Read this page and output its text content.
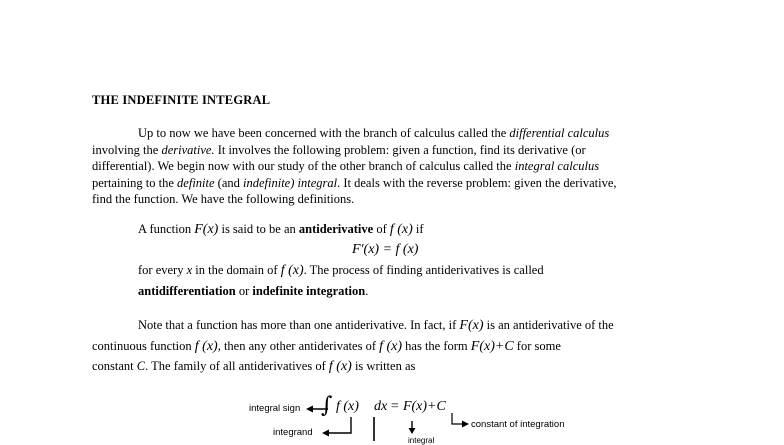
THE INDEFINITE INTEGRAL
Up to now we have been concerned with the branch of calculus called the differential calculus
involving the derivative. It involves the following problem: given a function, find its derivative (or
differential). We begin now with our study of the other branch of calculus called the integral calculus
pertaining to the definite (and indefinite) integral. It deals with the reverse problem: given the derivative,
find the function. We have the following definitions.
A function F(x) is said to be an antiderivative of f (x) if
F'(x) = f (x)
for every x in the domain of f (x). The process of finding antiderivatives is called
antidifferentiation or indefinite integration.
Note that a function has more than one antiderivative. In fact, if F(x) is an antiderivative of the
continuous function f (x), then any other antiderivates of f (x) has the form F(x)+C for some
constant C. The family of all antiderivatives of f (x) is written as
integral sign
integrand
constant of integration
integral
∫ f (x) dx = F(x)+C
